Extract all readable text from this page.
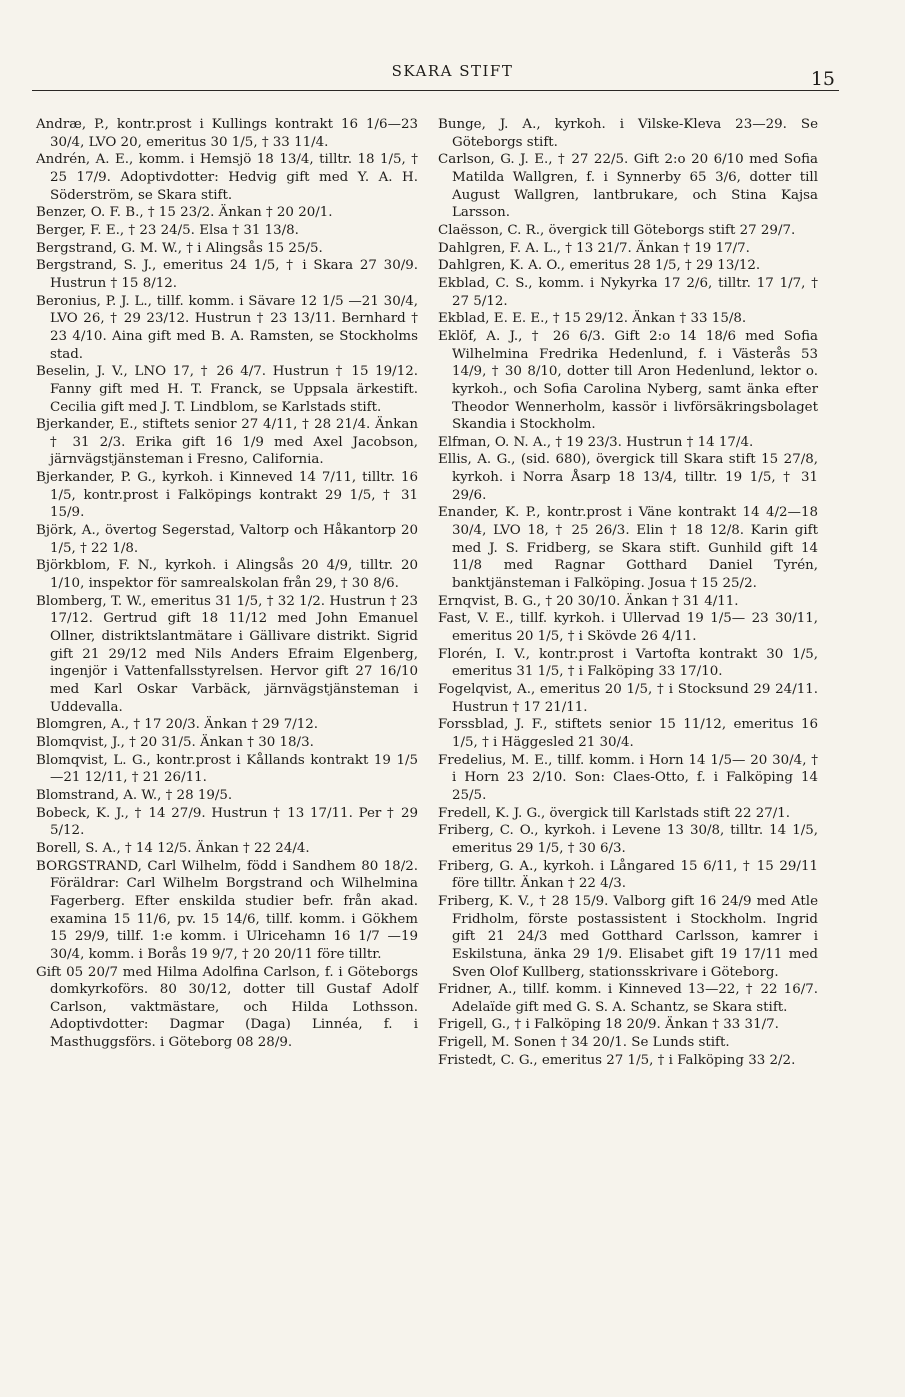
SKARA STIFT	15

Andræ, P., kontr.prost i Kullings kontrakt 16 1/6—23 30/4, LVO 20, emeritus 30 1/5, † 33 11/4.

Andrén, A. E., komm. i Hemsjö 18 13/4, tilltr. 18 1/5, † 25 17/9. Adoptivdotter: Hedvig gift med Y. A. H. Söderström, se Skara stift.

Benzer, O. F. B., † 15 23/2. Änkan † 20 20/1.

Berger, F. E., † 23 24/5. Elsa † 31 13/8.

Bergstrand, G. M. W., † i Alingsås 15 25/5.

Bergstrand, S. J., emeritus 24 1/5, † i Skara 27 30/9. Hustrun † 15 8/12.

Beronius, P. J. L., tillf. komm. i Sävare 12 1/5 —21 30/4, LVO 26, † 29 23/12. Hustrun † 23 13/11. Bernhard † 23 4/10. Aina gift med B. A. Ramsten, se Stockholms stad.

Beselin, J. V., LNO 17, † 26 4/7. Hustrun † 15 19/12. Fanny gift med H. T. Franck, se Uppsala ärkestift. Cecilia gift med J. T. Lindblom, se Karlstads stift.

Bjerkander, E., stiftets senior 27 4/11, † 28 21/4. Änkan † 31 2/3. Erika gift 16 1/9 med Axel Jacobson, järnvägstjänsteman i Fresno, California.

Bjerkander, P. G., kyrkoh. i Kinneved 14 7/11, tilltr. 16 1/5, kontr.prost i Falköpings kontrakt 29 1/5, † 31 15/9.

Björk, A., övertog Segerstad, Valtorp och Håkantorp 20 1/5, † 22 1/8.

Björkblom, F. N., kyrkoh. i Alingsås 20 4/9, tilltr. 20 1/10, inspektor för samrealskolan från 29, † 30 8/6.

Blomberg, T. W., emeritus 31 1/5, † 32 1/2. Hustrun † 23 17/12. Gertrud gift 18 11/12 med John Emanuel Ollner, distriktslantmätare i Gällivare distrikt. Sigrid gift 21 29/12 med Nils Anders Efraim Elgenberg, ingenjör i Vattenfallsstyrelsen. Hervor gift 27 16/10 med Karl Oskar Varbäck, järnvägstjänsteman i Uddevalla.

Blomgren, A., † 17 20/3. Änkan † 29 7/12.

Blomqvist, J., † 20 31/5. Änkan † 30 18/3.

Blomqvist, L. G., kontr.prost i Kållands kontrakt 19 1/5—21 12/11, † 21 26/11.

Blomstrand, A. W., † 28 19/5.

Bobeck, K. J., † 14 27/9. Hustrun † 13 17/11. Per † 29 5/12.

Borell, S. A., † 14 12/5. Änkan † 22 24/4.

BORGSTRAND, Carl Wilhelm, född i Sandhem 80 18/2. Föräldrar: Carl Wilhelm Borgstrand och Wilhelmina Fagerberg. Efter enskilda studier befr. från akad. examina 15 11/6, pv. 15 14/6, tillf. komm. i Gökhem 15 29/9, tillf. 1:e komm. i Ulricehamn 16 1/7 —19 30/4, komm. i Borås 19 9/7, † 20 20/11 före tilltr.

Gift 05 20/7 med Hilma Adolfina Carlson, f. i Göteborgs domkyrkoförs. 80 30/12, dotter till Gustaf Adolf Carlson, vaktmästare, och Hilda Lothsson. Adoptivdotter: Dagmar (Daga) Linnéa, f. i Masthuggsförs. i Göteborg 08 28/9.

Bunge, J. A., kyrkoh. i Vilske-Kleva 23—29. Se Göteborgs stift.

Carlson, G. J. E., † 27 22/5. Gift 2:o 20 6/10 med Sofia Matilda Wallgren, f. i Synnerby 65 3/6, dotter till August Wallgren, lantbrukare, och Stina Kajsa Larsson.

Claësson, C. R., övergick till Göteborgs stift 27 29/7.

Dahlgren, F. A. L., † 13 21/7. Änkan † 19 17/7.

Dahlgren, K. A. O., emeritus 28 1/5, † 29 13/12.

Ekblad, C. S., komm. i Nykyrka 17 2/6, tilltr. 17 1/7, † 27 5/12.

Ekblad, E. E. E., † 15 29/12. Änkan † 33 15/8.

Eklöf, A. J., † 26 6/3. Gift 2:o 14 18/6 med Sofia Wilhelmina Fredrika Hedenlund, f. i Västerås 53 14/9, † 30 8/10, dotter till Aron Hedenlund, lektor o. kyrkoh., och Sofia Carolina Nyberg, samt änka efter Theodor Wennerholm, kassör i livförsäkringsbolaget Skandia i Stockholm.

Elfman, O. N. A., † 19 23/3. Hustrun † 14 17/4.

Ellis, A. G., (sid. 680), övergick till Skara stift 15 27/8, kyrkoh. i Norra Åsarp 18 13/4, tilltr. 19 1/5, † 31 29/6.

Enander, K. P., kontr.prost i Väne kontrakt 14 4/2—18 30/4, LVO 18, † 25 26/3. Elin † 18 12/8. Karin gift med J. S. Fridberg, se Skara stift. Gunhild gift 14 11/8 med Ragnar Gotthard Daniel Tyrén, banktjänsteman i Falköping. Josua † 15 25/2.

Ernqvist, B. G., † 20 30/10. Änkan † 31 4/11.

Fast, V. E., tillf. kyrkoh. i Ullervad 19 1/5— 23 30/11, emeritus 20 1/5, † i Skövde 26 4/11.

Florén, I. V., kontr.prost i Vartofta kontrakt 30 1/5, emeritus 31 1/5, † i Falköping 33 17/10.

Fogelqvist, A., emeritus 20 1/5, † i Stocksund 29 24/11. Hustrun † 17 21/11.

Forssblad, J. F., stiftets senior 15 11/12, emeritus 16 1/5, † i Häggesled 21 30/4.

Fredelius, M. E., tillf. komm. i Horn 14 1/5— 20 30/4, † i Horn 23 2/10. Son: Claes-Otto, f. i Falköping 14 25/5.

Fredell, K. J. G., övergick till Karlstads stift 22 27/1.

Friberg, C. O., kyrkoh. i Levene 13 30/8, tilltr. 14 1/5, emeritus 29 1/5, † 30 6/3.

Friberg, G. A., kyrkoh. i Långared 15 6/11, † 15 29/11 före tilltr. Änkan † 22 4/3.

Friberg, K. V., † 28 15/9. Valborg gift 16 24/9 med Atle Fridholm, förste postassistent i Stockholm. Ingrid gift 21 24/3 med Gotthard Carlsson, kamrer i Eskilstuna, änka 29 1/9. Elisabet gift 19 17/11 med Sven Olof Kullberg, stationsskrivare i Göteborg.

Fridner, A., tillf. komm. i Kinneved 13—22, † 22 16/7. Adelaïde gift med G. S. A. Schantz, se Skara stift.

Frigell, G., † i Falköping 18 20/9. Änkan † 33 31/7.

Frigell, M. Sonen † 34 20/1. Se Lunds stift.

Fristedt, C. G., emeritus 27 1/5, † i Falköping 33 2/2.
